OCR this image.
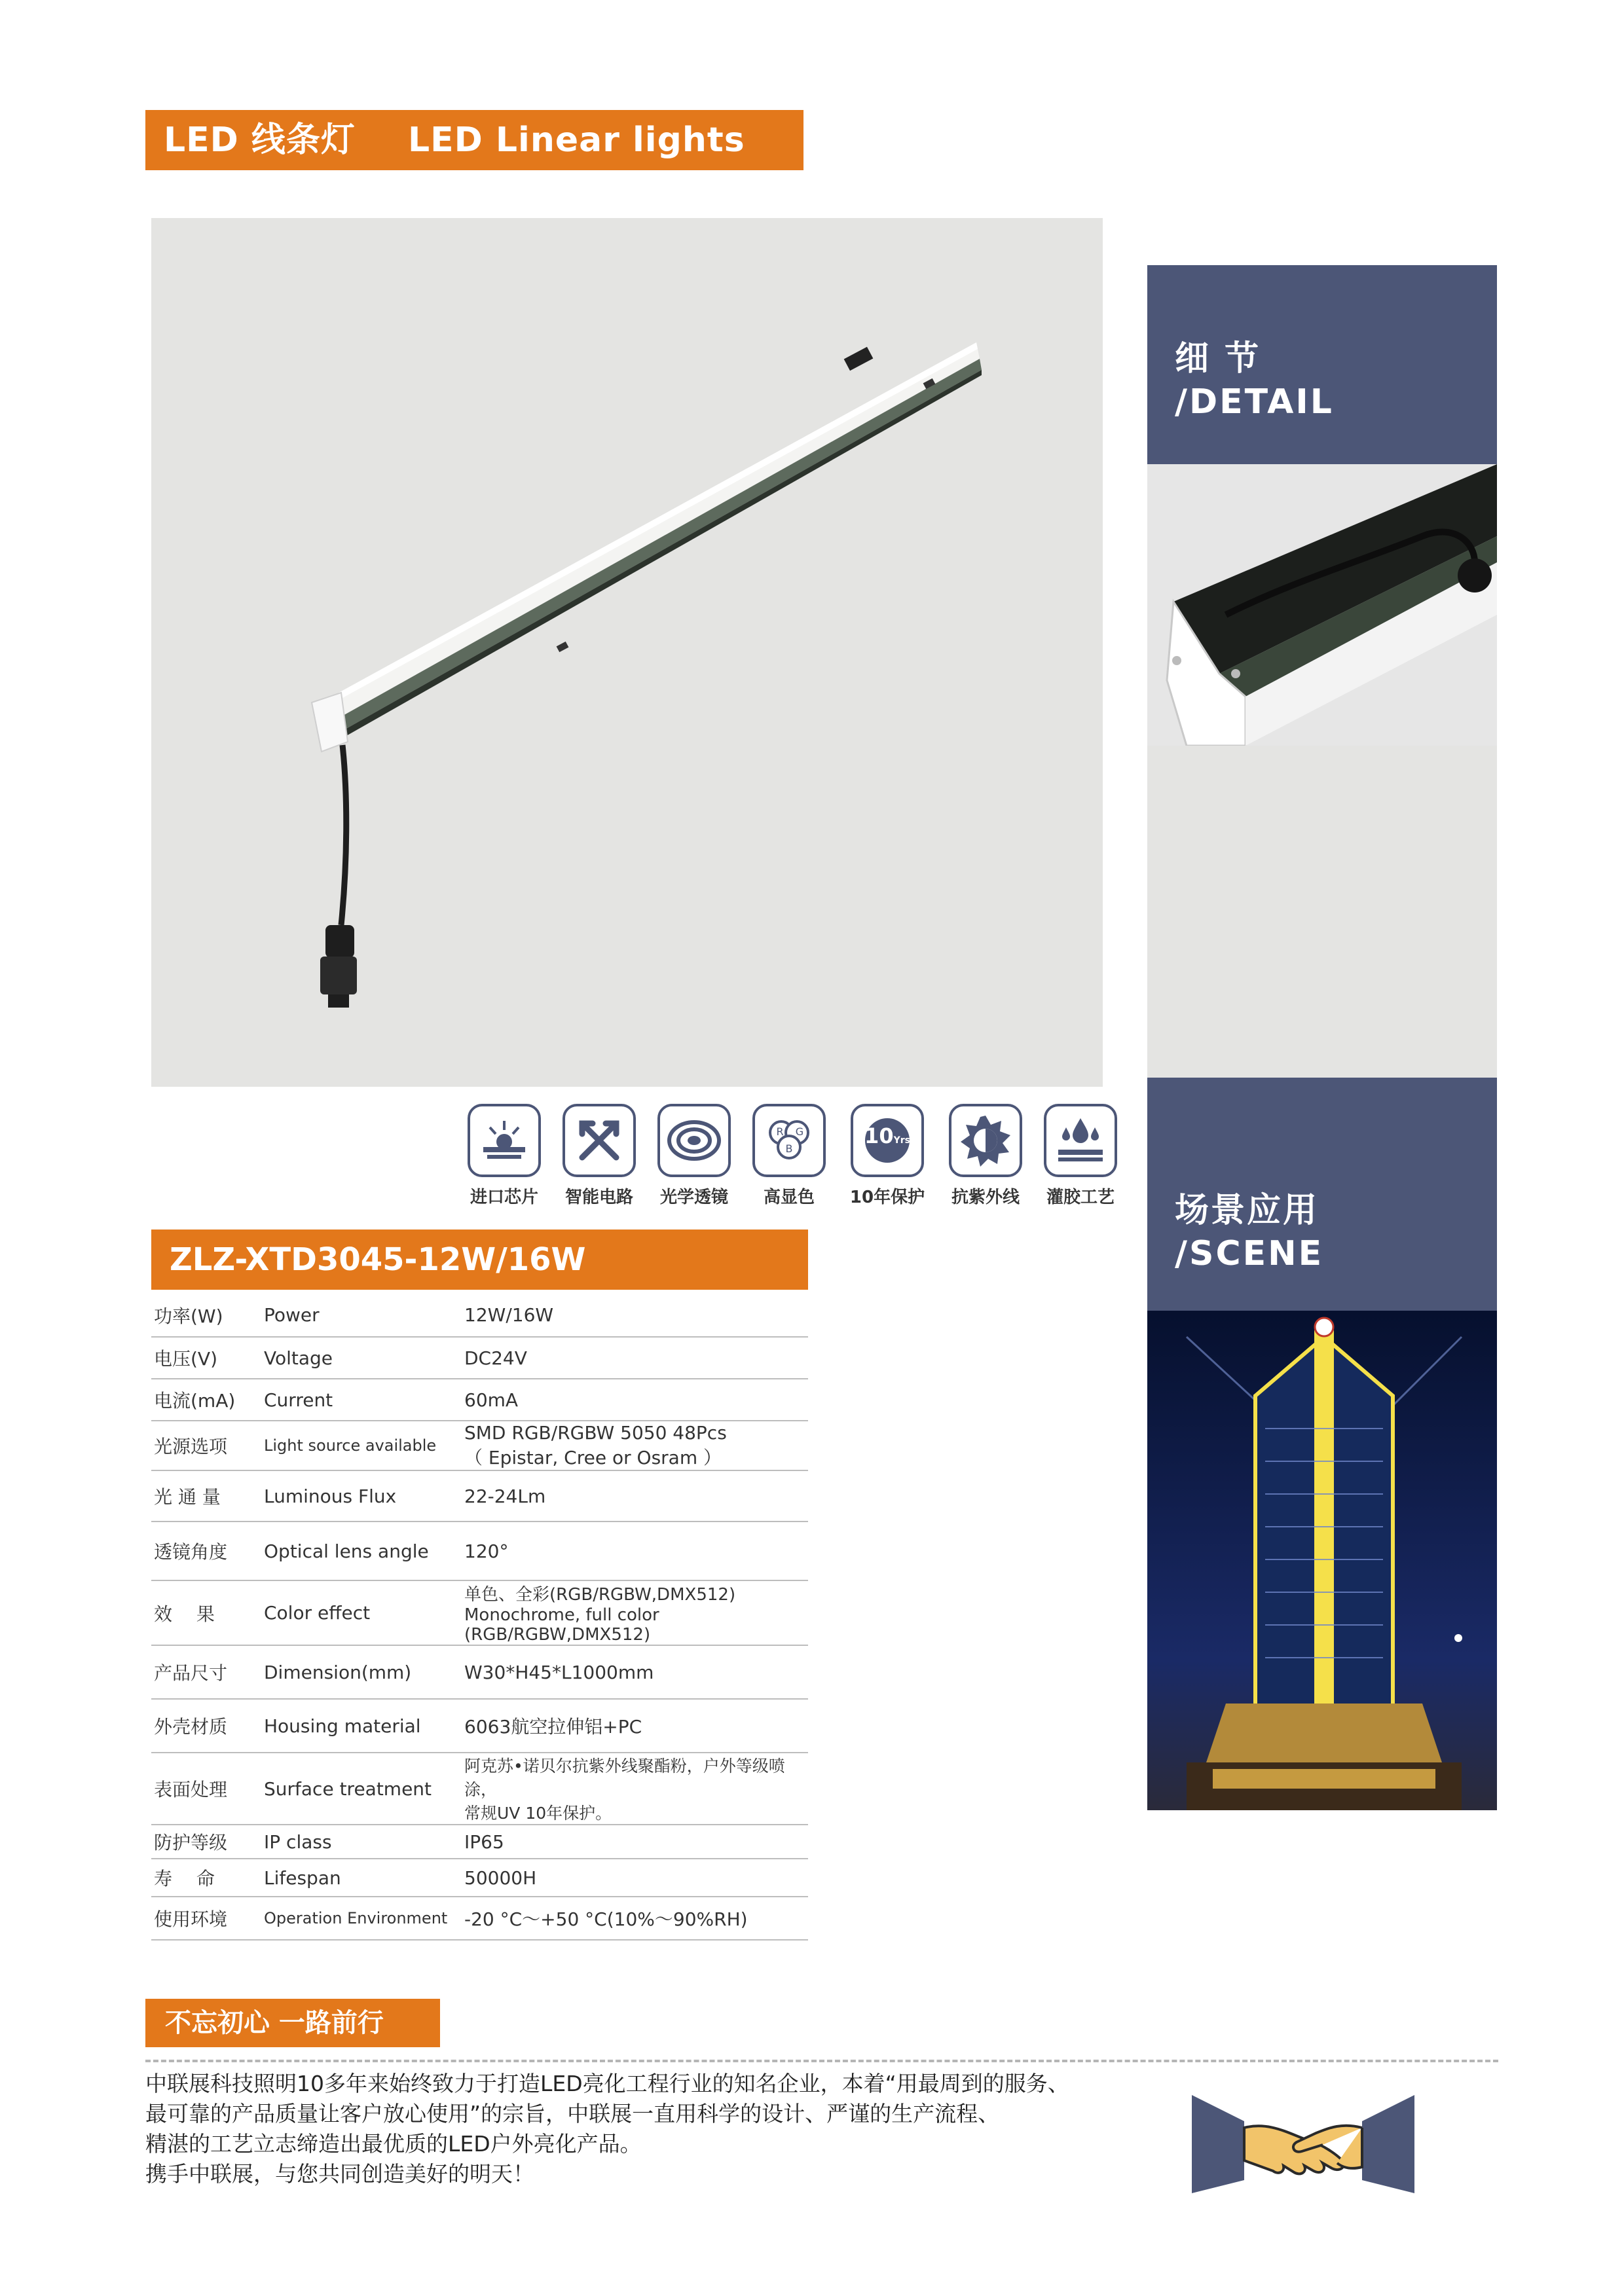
LED 线条灯 LED Linear lights
细 节
/DETAIL
场景应用
/SCENE
进口芯片	智能电路	光学透镜
R G
B
高显色
10Yrs
10年保护	抗紫外线	灌胶工艺
ZLZ-XTD3045-12W/16W
功率(W)	Power	12W/16W
电压(V)	Voltage	DC24V
电流(mA)	Current	60mA
光源选项	Light source available	SMD RGB/RGBW 5050 48Pcs
（ Epistar, Cree or Osram ）

光 通 量	Luminous Flux	22-24Lm
透镜角度	Optical lens angle	120°
效　 果	Color effect	单色、全彩(RGB/RGBW,DMX512)
Monochrome, full color (RGB/RGBW,DMX512)

产品尺寸	Dimension(mm)	W30*H45*L1000mm
外壳材质	Housing material	6063航空拉伸铝+PC
表面处理	Surface treatment	阿克苏•诺贝尔抗紫外线聚酯粉，户外等级喷涂，
常规UV 10年保护。

防护等级	IP class	IP65
寿　 命	Lifespan	50000H
使用环境	Operation Environment	-20 °C～+50 °C(10%～90%RH)
不忘初心 一路前行

中联展科技照明10多年来始终致力于打造LED亮化工程行业的知名企业，本着“用最周到的服务、

最可靠的产品质量让客户放心使用”的宗旨，中联展一直用科学的设计、严谨的生产流程、

精湛的工艺立志缔造出最优质的LED户外亮化产品。

携手中联展，与您共同创造美好的明天！
